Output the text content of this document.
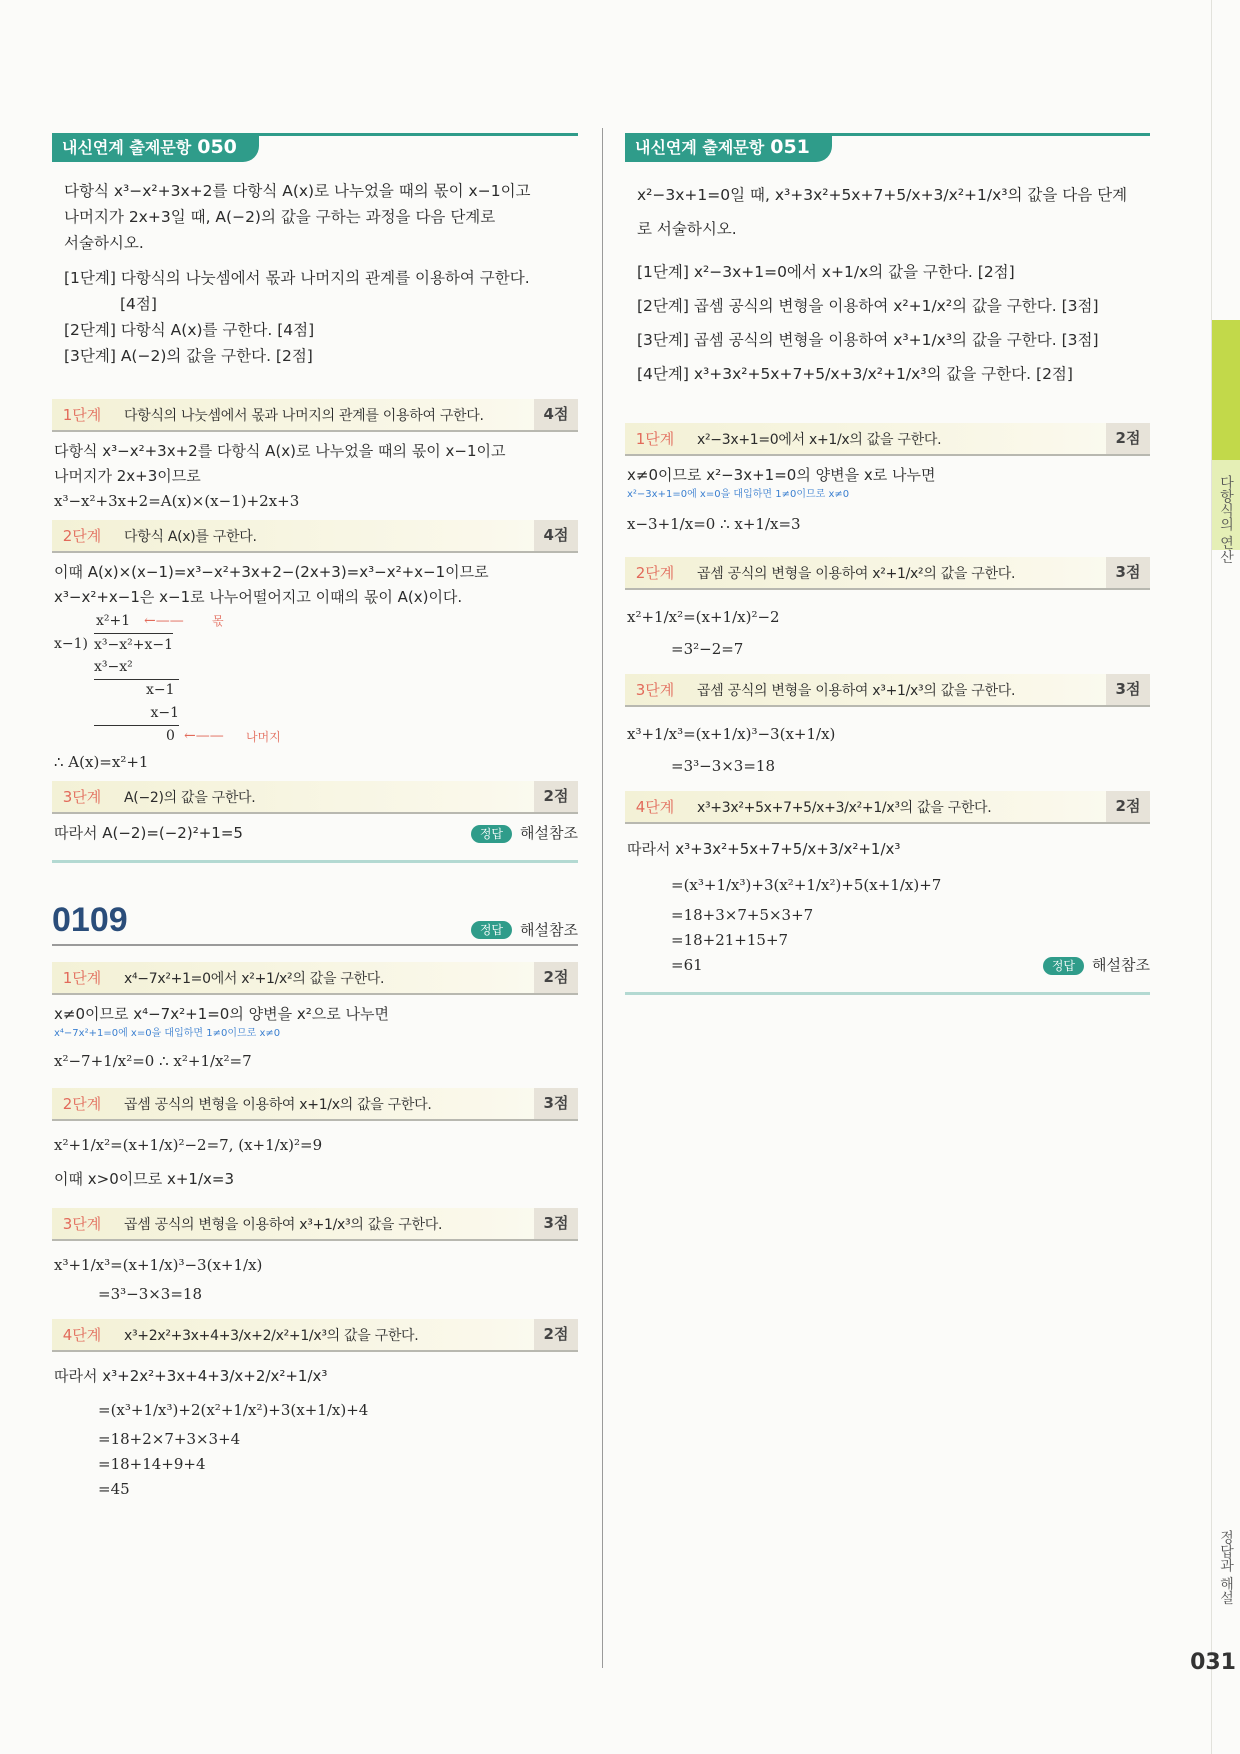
내신연계 출제문항 050

다항식 x³−x²+3x+2를 다항식 A(x)로 나누었을 때의 몫이 x−1이고

나머지가 2x+3일 때, A(−2)의 값을 구하는 과정을 다음 단계로

서술하시오.

[1단계] 다항식의 나눗셈에서 몫과 나머지의 관계를 이용하여 구한다.

[4점]

[2단계] 다항식 A(x)를 구한다. [4점]

[3단계] A(−2)의 값을 구한다. [2점]

1단계	다항식의 나눗셈에서 몫과 나머지의 관계를 이용하여 구한다.	4점
다항식 x³−x²+3x+2를 다항식 A(x)로 나누었을 때의 몫이 x−1이고
나머지가 2x+3이므로
x³−x²+3x+2=A(x)×(x−1)+2x+3
2단계	다항식 A(x)를 구한다.	4점
이때 A(x)×(x−1)=x³−x²+3x+2−(2x+3)=x³−x²+x−1이므로
x³−x²+x−1은 x−1로 나누어떨어지고 이때의 몫이 A(x)이다.
x²+1 ←—— 몫
x−1) x³−x²+x−1
x³−x²
x−1
x−1
0 ←—— 나머지
∴ A(x)=x²+1
3단계	A(−2)의 값을 구한다.	2점
따라서 A(−2)=(−2)²+1=5	정답	해설참조
0109	정답	해설참조
1단계	x⁴−7x²+1=0에서 x²+1/x²의 값을 구한다.	2점
x≠0이므로 x⁴−7x²+1=0의 양변을 x²으로 나누면
x⁴−7x²+1=0에 x=0을 대입하면 1≠0이므로 x≠0
x²−7+1/x²=0 ∴ x²+1/x²=7
2단계	곱셈 공식의 변형을 이용하여 x+1/x의 값을 구한다.	3점
x²+1/x²=(x+1/x)²−2=7, (x+1/x)²=9
이때 x>0이므로 x+1/x=3
3단계	곱셈 공식의 변형을 이용하여 x³+1/x³의 값을 구한다.	3점
x³+1/x³=(x+1/x)³−3(x+1/x)
=3³−3×3=18
4단계	x³+2x²+3x+4+3/x+2/x²+1/x³의 값을 구한다.	2점
따라서 x³+2x²+3x+4+3/x+2/x²+1/x³
=(x³+1/x³)+2(x²+1/x²)+3(x+1/x)+4
=18+2×7+3×3+4
=18+14+9+4
=45
내신연계 출제문항 051

x²−3x+1=0일 때, x³+3x²+5x+7+5/x+3/x²+1/x³의 값을 다음 단계

로 서술하시오.

[1단계] x²−3x+1=0에서 x+1/x의 값을 구한다. [2점]

[2단계] 곱셈 공식의 변형을 이용하여 x²+1/x²의 값을 구한다. [3점]

[3단계] 곱셈 공식의 변형을 이용하여 x³+1/x³의 값을 구한다. [3점]

[4단계] x³+3x²+5x+7+5/x+3/x²+1/x³의 값을 구한다. [2점]

1단계	x²−3x+1=0에서 x+1/x의 값을 구한다.	2점
x≠0이므로 x²−3x+1=0의 양변을 x로 나누면
x²−3x+1=0에 x=0을 대입하면 1≠0이므로 x≠0
x−3+1/x=0 ∴ x+1/x=3
2단계	곱셈 공식의 변형을 이용하여 x²+1/x²의 값을 구한다.	3점
x²+1/x²=(x+1/x)²−2
=3²−2=7
3단계	곱셈 공식의 변형을 이용하여 x³+1/x³의 값을 구한다.	3점
x³+1/x³=(x+1/x)³−3(x+1/x)
=3³−3×3=18
4단계	x³+3x²+5x+7+5/x+3/x²+1/x³의 값을 구한다.	2점
따라서 x³+3x²+5x+7+5/x+3/x²+1/x³
=(x³+1/x³)+3(x²+1/x²)+5(x+1/x)+7
=18+3×7+5×3+7
=18+21+15+7
=61	정답	해설참조
다항식의 연산
정답과 해설
031
